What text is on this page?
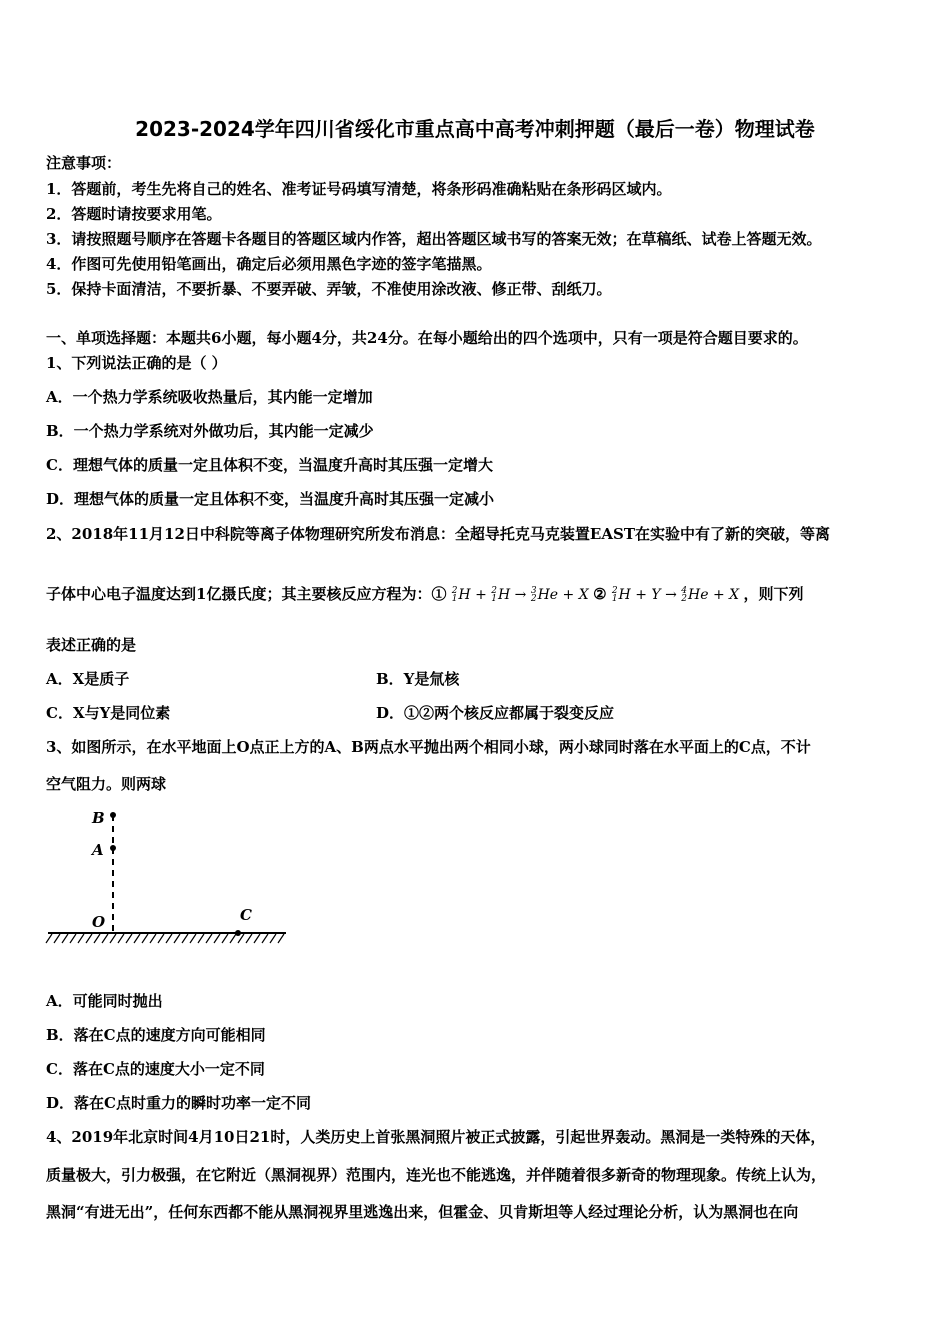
2023-2024学年四川省绥化市重点高中高考冲刺押题（最后一卷）物理试卷
注意事项：
1．答题前，考生先将自己的姓名、准考证号码填写清楚，将条形码准确粘贴在条形码区域内。
2．答题时请按要求用笔。
3．请按照题号顺序在答题卡各题目的答题区域内作答，超出答题区域书写的答案无效；在草稿纸、试卷上答题无效。
4．作图可先使用铅笔画出，确定后必须用黑色字迹的签字笔描黑。
5．保持卡面清洁，不要折暴、不要弄破、弄皱，不准使用涂改液、修正带、刮纸刀。
一、单项选择题：本题共6小题，每小题4分，共24分。在每小题给出的四个选项中，只有一项是符合题目要求的。
1、下列说法正确的是（ ）
A．一个热力学系统吸收热量后，其内能一定增加
B．一个热力学系统对外做功后，其内能一定减少
C．理想气体的质量一定且体积不变，当温度升高时其压强一定增大
D．理想气体的质量一定且体积不变，当温度升高时其压强一定减小
2、2018年11月12日中科院等离子体物理研究所发布消息：全超导托克马克装置EAST在实验中有了新的突破，等离
子体中心电子温度达到1亿摄氏度；其主要核反应方程为：① 2
1H + 2
1H → 3
2He + X ② 2
1H + Y → 4
2He + X ，则下列
表述正确的是
A．X是质子	B．Y是氚核
C．X与Y是同位素	D．①②两个核反应都属于裂变反应
3、如图所示，在水平地面上O点正上方的A、B两点水平抛出两个相同小球，两小球同时落在水平面上的C点，不计
空气阻力。则两球
B
A
O	C
A．可能同时抛出
B．落在C点的速度方向可能相同
C．落在C点的速度大小一定不同
D．落在C点时重力的瞬时功率一定不同
4、2019年北京时间4月10日21时，人类历史上首张黑洞照片被正式披露，引起世界轰动。黑洞是一类特殊的天体，
质量极大，引力极强，在它附近（黑洞视界）范围内，连光也不能逃逸，并伴随着很多新奇的物理现象。传统上认为，
黑洞“有进无出”，任何东西都不能从黑洞视界里逃逸出来，但霍金、贝肯斯坦等人经过理论分析，认为黑洞也在向
